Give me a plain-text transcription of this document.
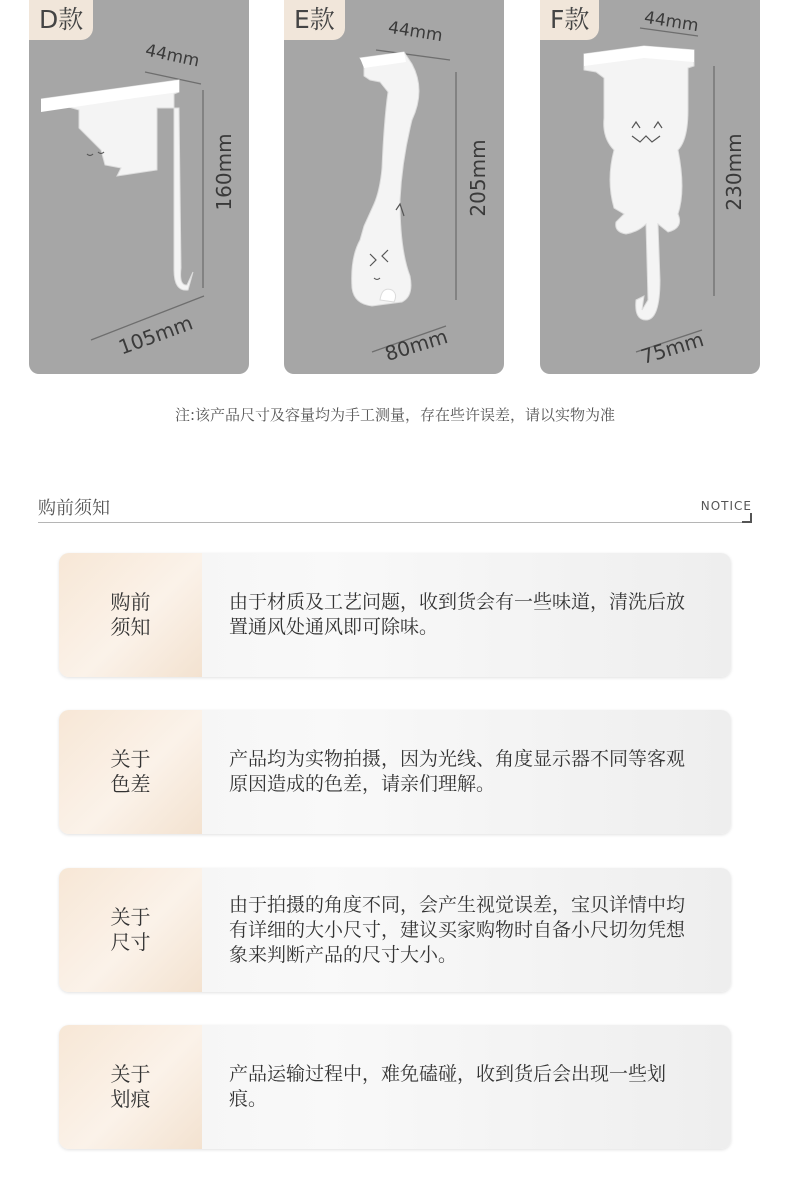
D款
44mm
160mm
105mm
E款	44mm
205mm
80mm
F款	44mm
230mm
75mm
注:该产品尺寸及容量均为手工测量，存在些许误差，请以实物为准
购前须知	NOTICE
购前须知
由于材质及工艺问题，收到货会有一些味道，清洗后放置通风处通风即可除味。
关于色差
产品均为实物拍摄，因为光线、角度显示器不同等客观原因造成的色差，请亲们理解。
关于尺寸
由于拍摄的角度不同，会产生视觉误差，宝贝详情中均有详细的大小尺寸，建议买家购物时自备小尺切勿凭想象来判断产品的尺寸大小。
关于划痕
产品运输过程中，难免磕碰，收到货后会出现一些划痕。
